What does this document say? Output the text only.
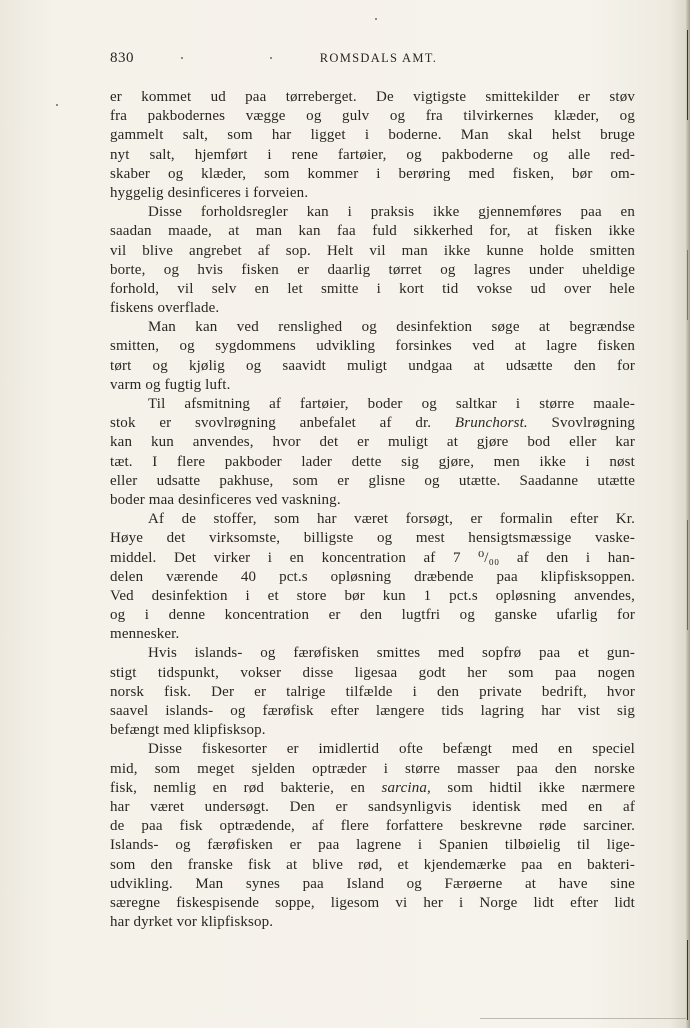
830	ROMSDALS AMT.
er kommet ud paa tørreberget. De vigtigste smittekilder er støv
fra pakbodernes vægge og gulv og fra tilvirkernes klæder, og
gammelt salt, som har ligget i boderne. Man skal helst bruge
nyt salt, hjemført i rene fartøier, og pakboderne og alle red-
skaber og klæder, som kommer i berøring med fisken, bør om-
hyggelig desinficeres i forveien.
Disse forholdsregler kan i praksis ikke gjennemføres paa en
saadan maade, at man kan faa fuld sikkerhed for, at fisken ikke
vil blive angrebet af sop. Helt vil man ikke kunne holde smitten
borte, og hvis fisken er daarlig tørret og lagres under uheldige
forhold, vil selv en let smitte i kort tid vokse ud over hele
fiskens overflade.
Man kan ved renslighed og desinfektion søge at begrændse
smitten, og sygdommens udvikling forsinkes ved at lagre fisken
tørt og kjølig og saavidt muligt undgaa at udsætte den for
varm og fugtig luft.
Til afsmitning af fartøier, boder og saltkar i større maale-
stok er svovlrøgning anbefalet af dr. Brunchorst. Svovlrøgning
kan kun anvendes, hvor det er muligt at gjøre bod eller kar
tæt. I flere pakboder lader dette sig gjøre, men ikke i nøst
eller udsatte pakhuse, som er glisne og utætte. Saadanne utætte
boder maa desinficeres ved vaskning.
Af de stoffer, som har været forsøgt, er formalin efter Kr.
Høye det virksomste, billigste og mest hensigtsmæssige vaske-
middel. Det virker i en koncentration af 7 ⁰/₀₀ af den i han-
delen værende 40 pct.s opløsning dræbende paa klipfisksoppen.
Ved desinfektion i et store bør kun 1 pct.s opløsning anvendes,
og i denne koncentration er den lugtfri og ganske ufarlig for
mennesker.
Hvis islands- og færøfisken smittes med sopfrø paa et gun-
stigt tidspunkt, vokser disse ligesaa godt her som paa nogen
norsk fisk. Der er talrige tilfælde i den private bedrift, hvor
saavel islands- og færøfisk efter længere tids lagring har vist sig
befængt med klipfisksop.
Disse fiskesorter er imidlertid ofte befængt med en speciel
mid, som meget sjelden optræder i større masser paa den norske
fisk, nemlig en rød bakterie, en sarcina, som hidtil ikke nærmere
har været undersøgt. Den er sandsynligvis identisk med en af
de paa fisk optrædende, af flere forfattere beskrevne røde sarciner.
Islands- og færøfisken er paa lagrene i Spanien tilbøielig til lige-
som den franske fisk at blive rød, et kjendemærke paa en bakteri-
udvikling. Man synes paa Island og Færøerne at have sine
særegne fiskespisende soppe, ligesom vi her i Norge lidt efter lidt
har dyrket vor klipfisksop.
